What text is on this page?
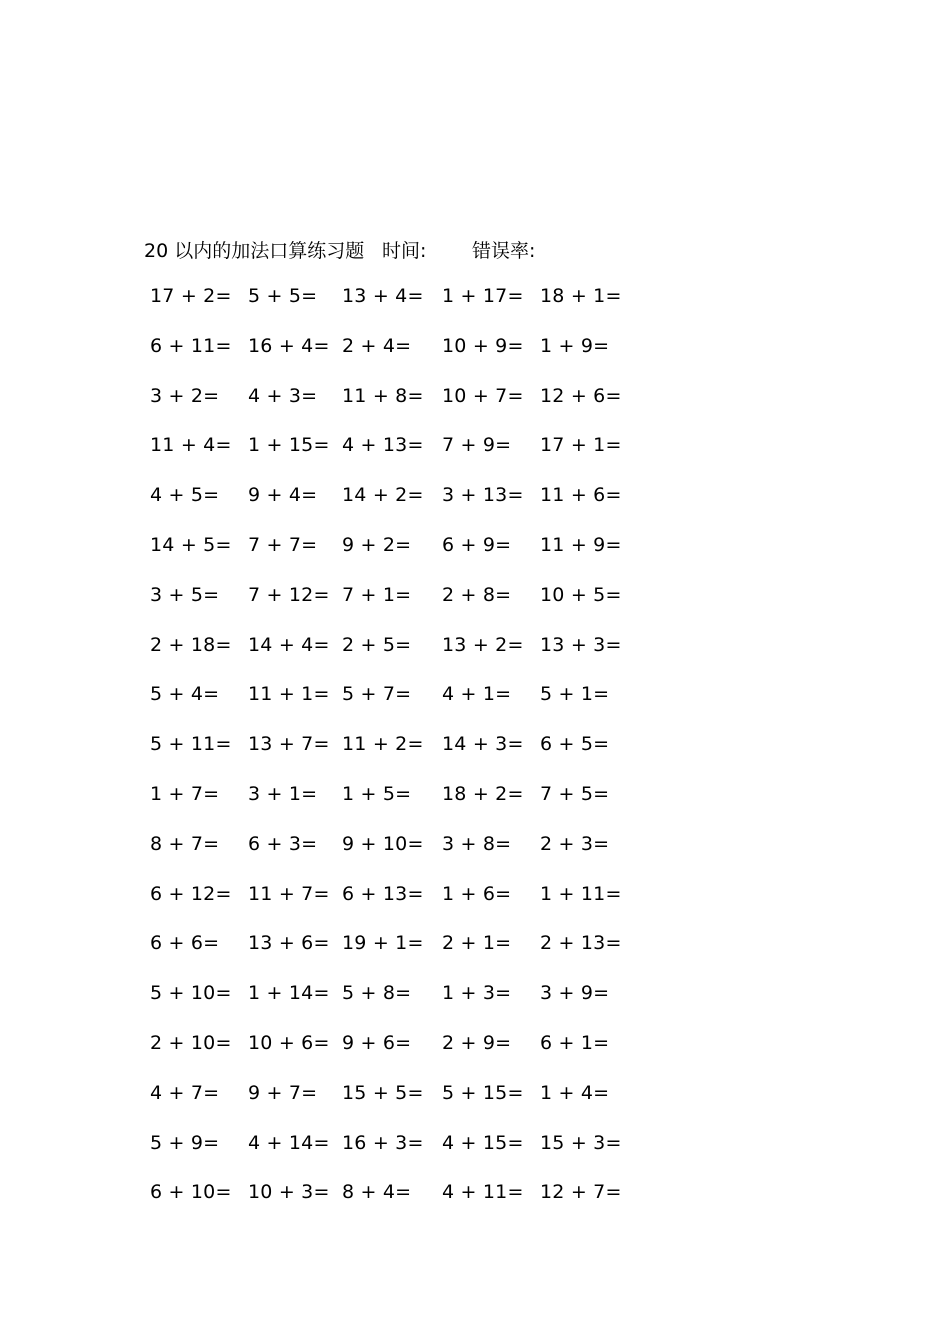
20 以内的加法口算练习题 时间: 错误率:
17 + 2= 5 + 5= 13 + 4= 1 + 17= 18 + 1=
6 + 11= 16 + 4= 2 + 4= 10 + 9= 1 + 9=
3 + 2= 4 + 3= 11 + 8= 10 + 7= 12 + 6=
11 + 4= 1 + 15= 4 + 13= 7 + 9= 17 + 1=
4 + 5= 9 + 4= 14 + 2= 3 + 13= 11 + 6=
14 + 5= 7 + 7= 9 + 2= 6 + 9= 11 + 9=
3 + 5= 7 + 12= 7 + 1= 2 + 8= 10 + 5=
2 + 18= 14 + 4= 2 + 5= 13 + 2= 13 + 3=
5 + 4= 11 + 1= 5 + 7= 4 + 1= 5 + 1=
5 + 11= 13 + 7= 11 + 2= 14 + 3= 6 + 5=
1 + 7= 3 + 1= 1 + 5= 18 + 2= 7 + 5=
8 + 7= 6 + 3= 9 + 10= 3 + 8= 2 + 3=
6 + 12= 11 + 7= 6 + 13= 1 + 6= 1 + 11=
6 + 6= 13 + 6= 19 + 1= 2 + 1= 2 + 13=
5 + 10= 1 + 14= 5 + 8= 1 + 3= 3 + 9=
2 + 10= 10 + 6= 9 + 6= 2 + 9= 6 + 1=
4 + 7= 9 + 7= 15 + 5= 5 + 15= 1 + 4=
5 + 9= 4 + 14= 16 + 3= 4 + 15= 15 + 3=
6 + 10= 10 + 3= 8 + 4= 4 + 11= 12 + 7=
